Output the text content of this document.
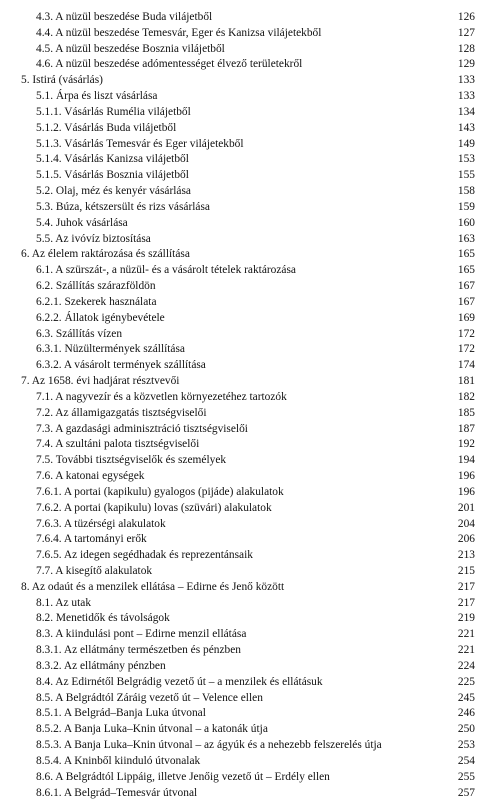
4.3. A nüzül beszedése Buda vilájetből	126
4.4. A nüzül beszedése Temesvár, Eger és Kanizsa vilájetekből	127
4.5. A nüzül beszedése Bosznia vilájetből	128
4.6. A nüzül beszedése adómentességet élvező területekről	129
5. Istirá (vásárlás)	133
5.1. Árpa és liszt vásárlása	133
5.1.1. Vásárlás Ruméliа vilájetből	134
5.1.2. Vásárlás Buda vilájetből	143
5.1.3. Vásárlás Temesvár és Eger vilájetekből	149
5.1.4. Vásárlás Kanizsa vilájetből	153
5.1.5. Vásárlás Bosznia vilájetből	155
5.2. Olaj, méz és kenyér vásárlása	158
5.3. Búza, kétszersült és rizs vásárlása	159
5.4. Juhok vásárlása	160
5.5. Az ivóvíz biztosítása	163
6. Az élelem raktározása és szállítása	165
6.1. A szürszát-, a nüzül- és a vásárolt tételek raktározása	165
6.2. Szállítás szárazföldön	167
6.2.1. Szekerek használata	167
6.2.2. Állatok igénybevétele	169
6.3. Szállítás vízen	172
6.3.1. Nüzültermények szállítása	172
6.3.2. A vásárolt termények szállítása	174
7. Az 1658. évi hadjárat résztvevői	181
7.1. A nagyvezír és a közvetlen környezetéhez tartozók	182
7.2. Az államigazgatás tisztségviselői	185
7.3. A gazdasági adminisztráció tisztségviselői	187
7.4. A szultáni palota tisztségviselői	192
7.5. További tisztségviselők és személyek	194
7.6. A katonai egységek	196
7.6.1. A portai (kapikulu) gyalogos (pijáde) alakulatok	196
7.6.2. A portai (kapikulu) lovas (szüvári) alakulatok	201
7.6.3. A tüzérségi alakulatok	204
7.6.4. A tartományi erők	206
7.6.5. Az idegen segédhadak és reprezentánsaik	213
7.7. A kisegítő alakulatok	215
8. Az odaút és a menzilek ellátása – Edirne és Jenő között	217
8.1. Az utak	217
8.2. Menetidők és távolságok	219
8.3. A kiindulási pont – Edirne menzil ellátása	221
8.3.1. Az ellátmány természetben és pénzben	221
8.3.2. Az ellátmány pénzben	224
8.4. Az Edirnétől Belgrádig vezető út – a menzilek és ellátásuk	225
8.5. A Belgrádtól Záráig vezető út – Velence ellen	245
8.5.1. A Belgrád–Banja Luka útvonal	246
8.5.2. A Banja Luka–Knin útvonal – a katonák útja	250
8.5.3. A Banja Luka–Knin útvonal – az ágyúk és a nehezebb felszerelés útja	253
8.5.4. A Kninből kiinduló útvonalak	254
8.6. A Belgrádtól Lippáig, illetve Jenőig vezető út – Erdély ellen	255
8.6.1. A Belgrád–Temesvár útvonal	257
